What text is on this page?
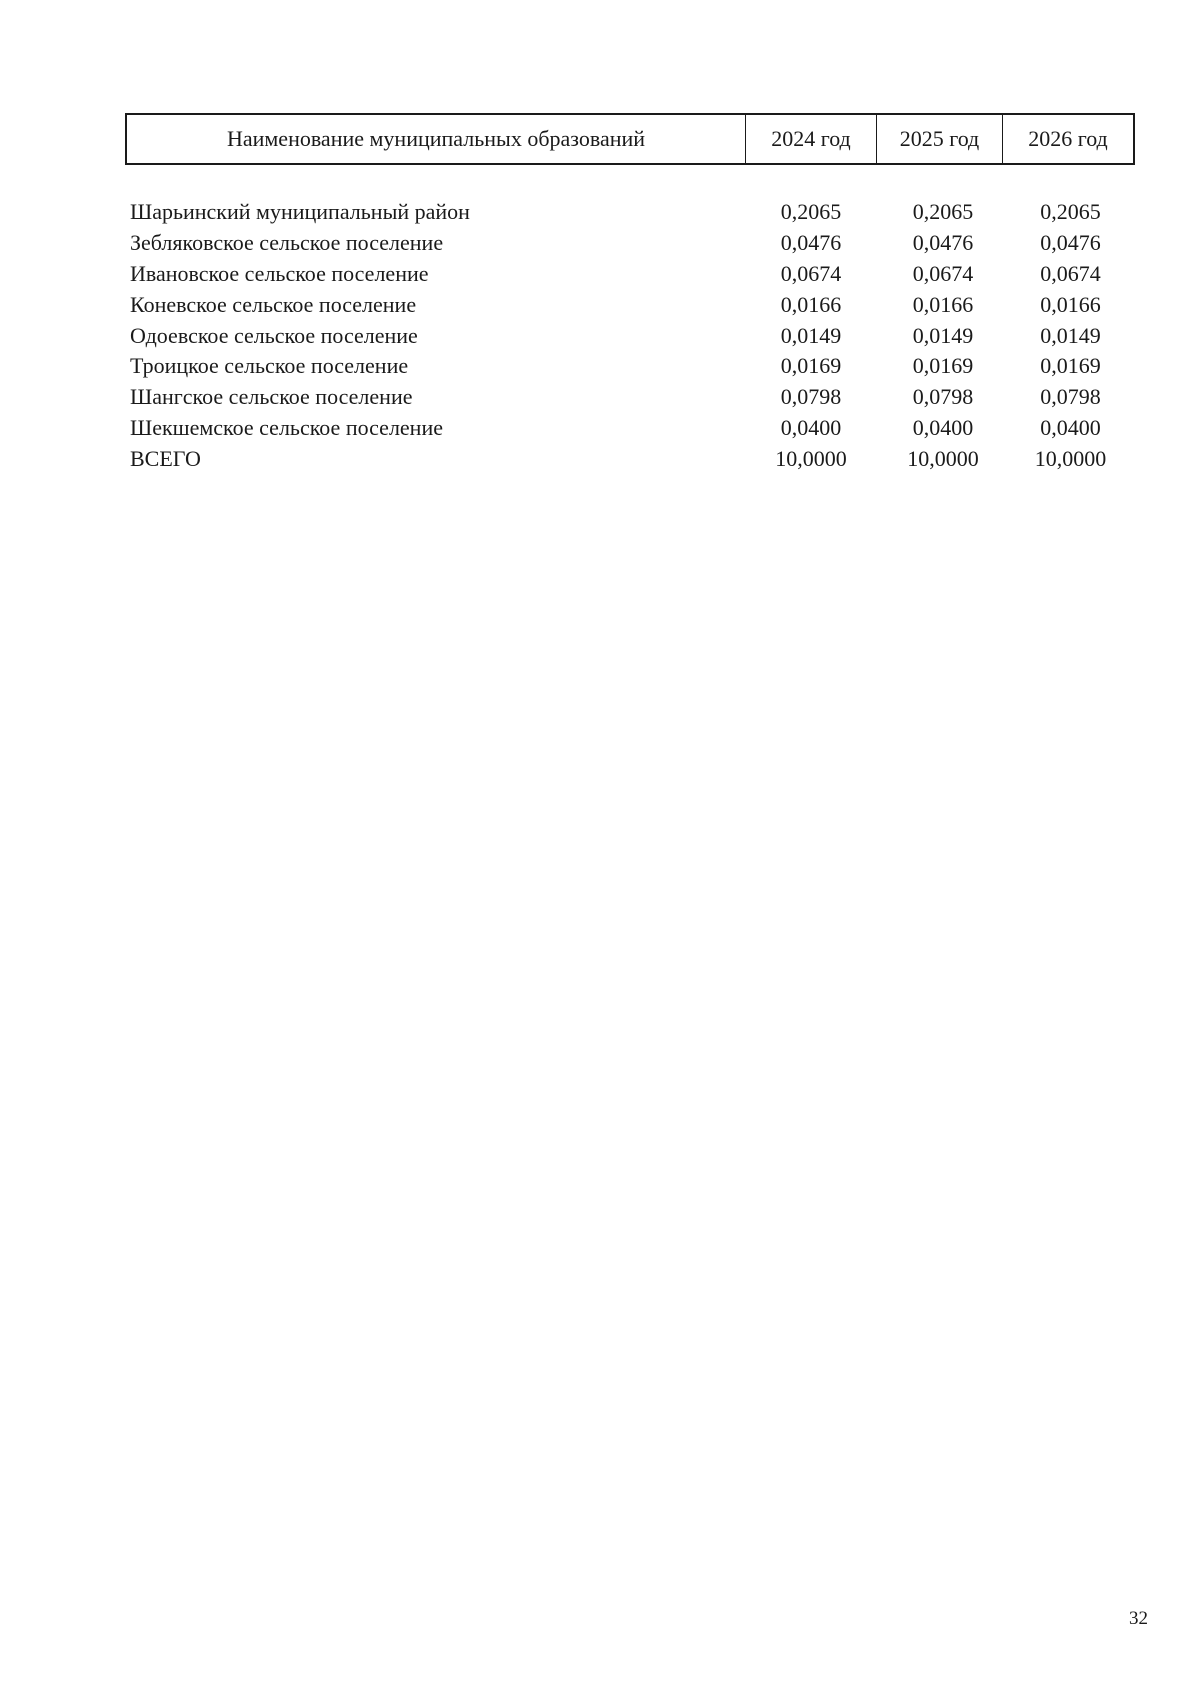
Наименование муниципальных образований	2024 год	2025 год	2026 год
Шарьинский муниципальный район	0,2065	0,2065	0,2065
Зебляковское сельское поселение	0,0476	0,0476	0,0476
Ивановское сельское поселение	0,0674	0,0674	0,0674
Коневское сельское поселение	0,0166	0,0166	0,0166
Одоевское сельское поселение	0,0149	0,0149	0,0149
Троицкое сельское поселение	0,0169	0,0169	0,0169
Шангское сельское поселение	0,0798	0,0798	0,0798
Шекшемское сельское поселение	0,0400	0,0400	0,0400
ВСЕГО	10,0000	10,0000	10,0000
32
